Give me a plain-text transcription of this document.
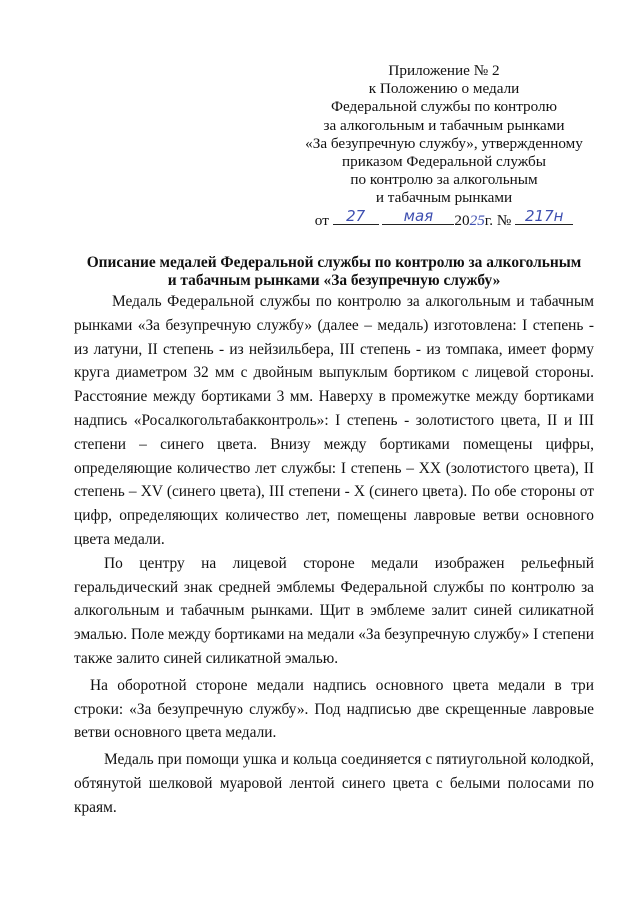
Приложение № 2
к Положению о медали
Федеральной службы по контролю
за алкогольным и табачным рынками
«За безупречную службу», утвержденному
приказом Федеральной службы
по контролю за алкогольным
и табачным рынками
от	27
	мая	2025г. № 217н
Описание медалей Федеральной службы по контролю за алкогольным
и табачным рынками «За безупречную службу»

Медаль Федеральной службы по контролю за алкогольным и табачным рынками «За безупречную службу» (далее – медаль) изготовлена: I степень - из латуни, II степень - из нейзильбера, III степень - из томпака, имеет форму круга диаметром 32 мм с двойным выпуклым бортиком с лицевой стороны. Расстояние между бортиками 3 мм. Наверху в промежутке между бортиками надпись «Росалкогольтабакконтроль»: I степень - золотистого цвета, II и III степени – синего цвета. Внизу между бортиками помещены цифры, определяющие количество лет службы: I степень – XX (золотистого цвета), II степень – XV (синего цвета), III степени - X (синего цвета). По обе стороны от цифр, определяющих количество лет, помещены лавровые ветви основного цвета медали.

По центру на лицевой стороне медали изображен рельефный геральдический знак средней эмблемы Федеральной службы по контролю за алкогольным и табачным рынками. Щит в эмблеме залит синей силикатной эмалью. Поле между бортиками на медали «За безупречную службу» I степени также залито синей силикатной эмалью.

На оборотной стороне медали надпись основного цвета медали в три строки: «За безупречную службу». Под надписью две скрещенные лавровые ветви основного цвета медали.

Медаль при помощи ушка и кольца соединяется с пятиугольной колодкой, обтянутой шелковой муаровой лентой синего цвета с белыми полосами по краям.
